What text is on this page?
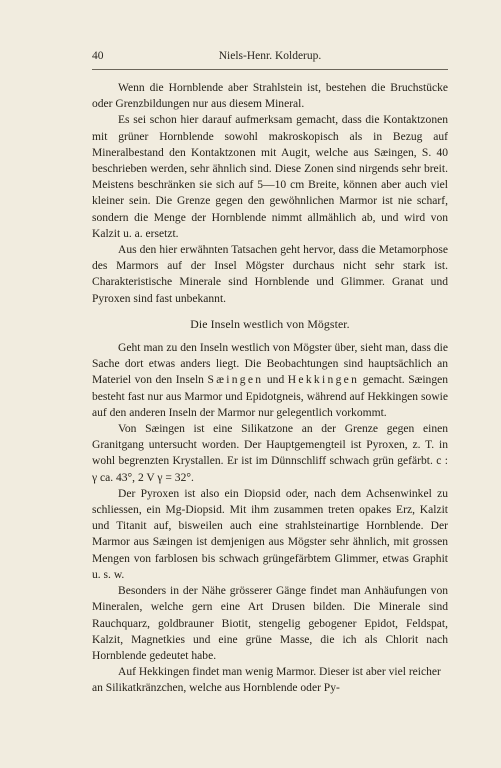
40	Niels-Henr. Kolderup.

Wenn die Hornblende aber Strahlstein ist, bestehen die Bruchstücke oder Grenzbildungen nur aus diesem Mineral.

Es sei schon hier darauf aufmerksam gemacht, dass die Kontaktzonen mit grüner Hornblende sowohl makroskopisch als in Bezug auf Mineralbestand den Kontaktzonen mit Augit, welche aus Sæingen, S. 40 beschrieben werden, sehr ähnlich sind. Diese Zonen sind nirgends sehr breit. Meistens beschränken sie sich auf 5—10 cm Breite, können aber auch viel kleiner sein. Die Grenze gegen den gewöhnlichen Marmor ist nie scharf, sondern die Menge der Hornblende nimmt allmählich ab, und wird von Kalzit u. a. ersetzt.

Aus den hier erwähnten Tatsachen geht hervor, dass die Metamorphose des Marmors auf der Insel Mögster durchaus nicht sehr stark ist. Charakteristische Minerale sind Hornblende und Glimmer. Granat und Pyroxen sind fast unbekannt.

Die Inseln westlich von Mögster.

Geht man zu den Inseln westlich von Mögster über, sieht man, dass die Sache dort etwas anders liegt. Die Beobachtungen sind hauptsächlich an Materiel von den Inseln Sæingen und Hekkingen gemacht. Sæingen besteht fast nur aus Marmor und Epidotgneis, während auf Hekkingen sowie auf den anderen Inseln der Marmor nur gelegentlich vorkommt.

Von Sæingen ist eine Silikatzone an der Grenze gegen einen Granitgang untersucht worden. Der Hauptgemengteil ist Pyroxen, z. T. in wohl begrenzten Krystallen. Er ist im Dünnschliff schwach grün gefärbt. c : γ ca. 43°, 2 V γ = 32°.

Der Pyroxen ist also ein Diopsid oder, nach dem Achsenwinkel zu schliessen, ein Mg-Diopsid. Mit ihm zusammen treten opakes Erz, Kalzit und Titanit auf, bisweilen auch eine strahlsteinartige Hornblende. Der Marmor aus Sæingen ist demjenigen aus Mögster sehr ähnlich, mit grossen Mengen von farblosen bis schwach grüngefärbtem Glimmer, etwas Graphit u. s. w.

Besonders in der Nähe grösserer Gänge findet man Anhäufungen von Mineralen, welche gern eine Art Drusen bilden. Die Minerale sind Rauchquarz, goldbrauner Biotit, stengelig gebogener Epidot, Feldspat, Kalzit, Magnetkies und eine grüne Masse, die ich als Chlorit nach Hornblende gedeutet habe.

Auf Hekkingen findet man wenig Marmor. Dieser ist aber viel reicher an Silikatkränzchen, welche aus Hornblende oder Py-
